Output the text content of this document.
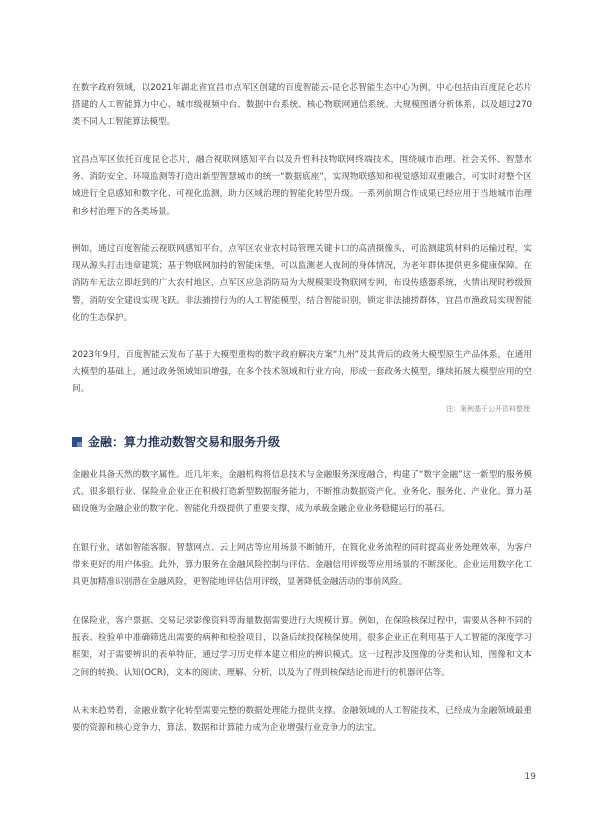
在数字政府领域，以2021年湖北省宜昌市点军区创建的百度智能云-昆仑芯智能生态中心为例，中心包括由百度昆仑芯片搭建的人工智能算力中心、城市级视频中台、数据中台系统、核心物联网通信系统、大规模图谱分析体系，以及超过270类不同人工智能算法模型。

宜昌点军区依托百度昆仑芯片，融合视联网感知平台以及升哲科技物联网终端技术，围绕城市治理、社会关怀、智慧水务、消防安全、环境监测等打造出新型智慧城市的统一“数据底座”，实现物联感知和视觉感知双重融合，可实时对整个区域进行全息感知和数字化、可视化监测，助力区域治理的智能化转型升级。一系列前期合作成果已经应用于当地城市治理和乡村治理下的各类场景。

例如，通过百度智能云视联网感知平台，点军区农业农村局管理关键卡口的高清摄像头，可监测建筑材料的运输过程，实现从源头打击违章建筑；基于物联网加持的智能床垫，可以监测老人夜间的身体情况，为老年群体提供更多健康保障。在消防车无法立即赶到的广大农村地区，点军区应急消防局为大规模架设物联网专网，布设传感器系统，火情出现时秒级预警，消防安全建设实现飞跃。非法捕捞行为的人工智能模型，结合智能识别，锁定非法捕捞群体，宜昌市渔政局实现智能化的生态保护。

2023年9月，百度智能云发布了基于大模型重构的数字政府解决方案“九州”及其背后的政务大模型原生产品体系，在通用大模型的基础上，通过政务领域知识增强，在多个技术领域和行业方向，形成一套政务大模型，继续拓展大模型应用的空间。

注：案例基于公开资料整理

金融：算力推动数智交易和服务升级

金融业具备天然的数字属性。近几年来，金融机构将信息技术与金融服务深度融合，构建了“数字金融”这一新型的服务模式。很多银行业、保险业企业正在积极打造新型数据服务能力，不断推动数据资产化、业务化、服务化、产业化。算力基础设施为金融企业的数字化、智能化升级提供了重要支撑，成为承载金融企业业务稳健运行的基石。

在银行业，诸如智能客服、智慧网点、云上网店等应用场景不断铺开，在简化业务流程的同时提高业务处理效率，为客户带来更好的用户体验。此外，算力服务在金融风险控制与评估、金融信用评级等应用场景的不断深化。企业运用数字化工具更加精准识别潜在金融风险，更智能地评估信用评级，显著降低金融活动的事前风险。

在保险业，客户票据、交易记录影像资料等海量数据需要进行大规模计算。例如，在保险核保过程中，需要从各种不同的报表、检验单中准确筛选出需要的病种和检验项目，以备后续投保核保使用。很多企业正在利用基于人工智能的深度学习框架，对于需要辨识的表单特征，通过学习历史样本建立相应的辨识模式。这一过程涉及图像的分类和认知，图像和文本之间的转换、认知(OCR)，文本的阅读、理解、分析，以及为了得到核保结论而进行的机器评估等。

从未来趋势看，金融业数字化转型需要完整的数据处理能力提供支撑。金融领域的人工智能技术，已经成为金融领域最重要的资源和核心竞争力，算法、数据和计算能力成为企业增强行业竞争力的法宝。

19
